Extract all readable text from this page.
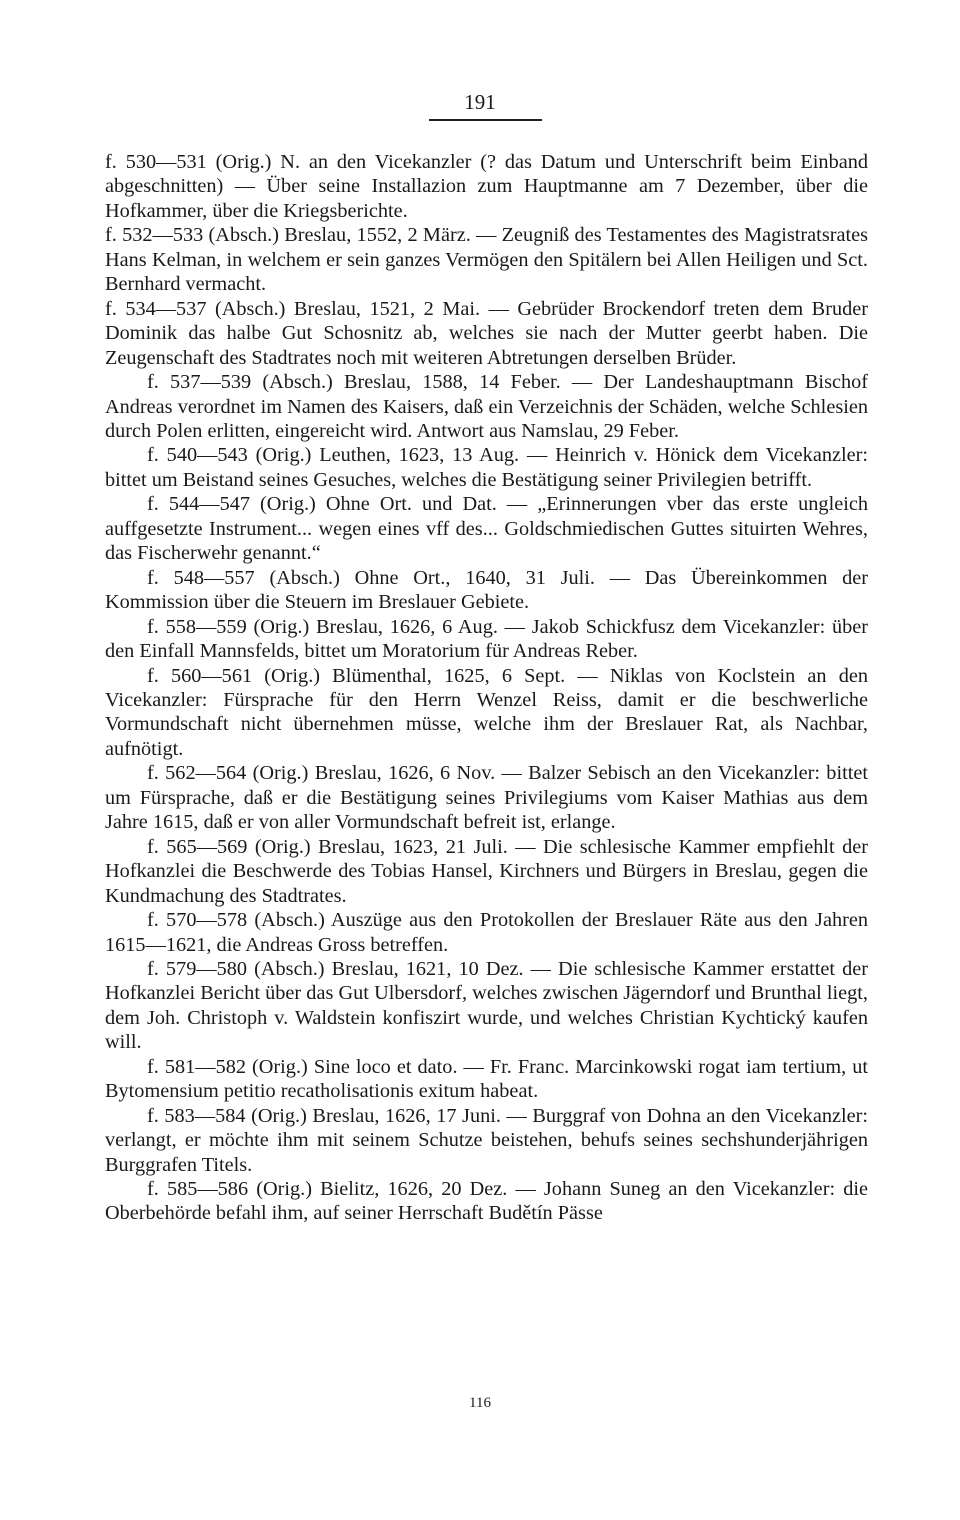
191

f. 530—531 (Orig.) N. an den Vicekanzler (? das Datum und Unterschrift beim Einband abgeschnitten) — Über seine Installazion zum Hauptmanne am 7 Dezember, über die Hofkammer, über die Kriegsberichte.

f. 532—533 (Absch.) Breslau, 1552, 2 März. — Zeugniß des Testamentes des Magistratsrates Hans Kelman, in welchem er sein ganzes Vermögen den Spitälern bei Allen Heiligen und Sct. Bernhard vermacht.

f. 534—537 (Absch.) Breslau, 1521, 2 Mai. — Gebrüder Brockendorf treten dem Bruder Dominik das halbe Gut Schosnitz ab, welches sie nach der Mutter geerbt haben. Die Zeugenschaft des Stadtrates noch mit weiteren Abtretungen derselben Brüder.

f. 537—539 (Absch.) Breslau, 1588, 14 Feber. — Der Landeshauptmann Bischof Andreas verordnet im Namen des Kaisers, daß ein Verzeichnis der Schäden, welche Schlesien durch Polen erlitten, eingereicht wird. Antwort aus Namslau, 29 Feber.

f. 540—543 (Orig.) Leuthen, 1623, 13 Aug. — Heinrich v. Hönick dem Vicekanzler: bittet um Beistand seines Gesuches, welches die Bestätigung seiner Privilegien betrifft.

f. 544—547 (Orig.) Ohne Ort. und Dat. — „Erinnerungen vber das erste ungleich auffgesetzte Instrument... wegen eines vff des... Goldschmiedischen Guttes situirten Wehres, das Fischerwehr genannt.“

f. 548—557 (Absch.) Ohne Ort., 1640, 31 Juli. — Das Übereinkommen der Kommission über die Steuern im Breslauer Gebiete.

f. 558—559 (Orig.) Breslau, 1626, 6 Aug. — Jakob Schickfusz dem Vicekanzler: über den Einfall Mannsfelds, bittet um Moratorium für Andreas Reber.

f. 560—561 (Orig.) Blümenthal, 1625, 6 Sept. — Niklas von Koclstein an den Vicekanzler: Fürsprache für den Herrn Wenzel Reiss, damit er die beschwerliche Vormundschaft nicht übernehmen müsse, welche ihm der Breslauer Rat, als Nachbar, aufnötigt.

f. 562—564 (Orig.) Breslau, 1626, 6 Nov. — Balzer Sebisch an den Vicekanzler: bittet um Fürsprache, daß er die Bestätigung seines Privilegiums vom Kaiser Mathias aus dem Jahre 1615, daß er von aller Vormundschaft befreit ist, erlange.

f. 565—569 (Orig.) Breslau, 1623, 21 Juli. — Die schlesische Kammer empfiehlt der Hofkanzlei die Beschwerde des Tobias Hansel, Kirchners und Bürgers in Breslau, gegen die Kundmachung des Stadtrates.

f. 570—578 (Absch.) Auszüge aus den Protokollen der Breslauer Räte aus den Jahren 1615—1621, die Andreas Gross betreffen.

f. 579—580 (Absch.) Breslau, 1621, 10 Dez. — Die schlesische Kammer erstattet der Hofkanzlei Bericht über das Gut Ulbersdorf, welches zwischen Jägerndorf und Brunthal liegt, dem Joh. Christoph v. Waldstein konfiszirt wurde, und welches Christian Kychtický kaufen will.

f. 581—582 (Orig.) Sine loco et dato. — Fr. Franc. Marcinkowski rogat iam tertium, ut Bytomensium petitio recatholisationis exitum habeat.

f. 583—584 (Orig.) Breslau, 1626, 17 Juni. — Burggraf von Dohna an den Vicekanzler: verlangt, er möchte ihm mit seinem Schutze beistehen, behufs seines sechshunderjährigen Burggrafen Titels.

f. 585—586 (Orig.) Bielitz, 1626, 20 Dez. — Johann Suneg an den Vicekanzler: die Oberbehörde befahl ihm, auf seiner Herrschaft Budětín Pässe

116
